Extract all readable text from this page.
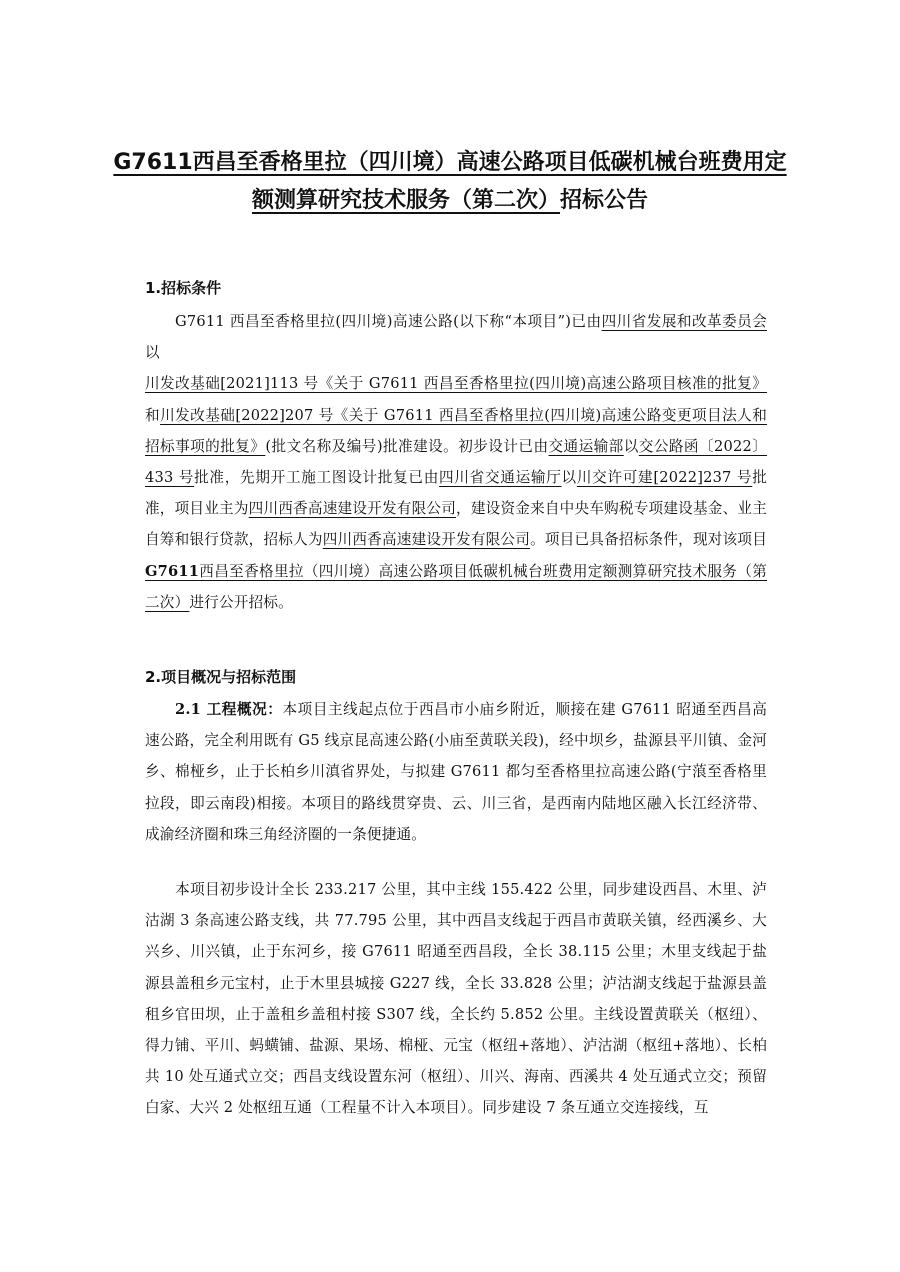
G7611西昌至香格里拉（四川境）高速公路项目低碳机械台班费用定
额测算研究技术服务（第二次）招标公告
1.招标条件
G7611 西昌至香格里拉(四川境)高速公路(以下称“本项目”)已由四川省发展和改革委员会以川发改基础[2021]113 号《关于 G7611 西昌至香格里拉(四川境)高速公路项目核准的批复》和川发改基础[2022]207 号《关于 G7611 西昌至香格里拉(四川境)高速公路变更项目法人和招标事项的批复》(批文名称及编号)批准建设。初步设计已由交通运输部以交公路函〔2022〕433 号批准，先期开工施工图设计批复已由四川省交通运输厅以川交许可建[2022]237 号批准，项目业主为四川西香高速建设开发有限公司，建设资金来自中央车购税专项建设基金、业主自筹和银行贷款，招标人为四川西香高速建设开发有限公司。项目已具备招标条件，现对该项目G7611西昌至香格里拉（四川境）高速公路项目低碳机械台班费用定额测算研究技术服务（第二次）进行公开招标。
2.项目概况与招标范围
2.1 工程概况：本项目主线起点位于西昌市小庙乡附近，顺接在建 G7611 昭通至西昌高速公路，完全利用既有 G5 线京昆高速公路(小庙至黄联关段)，经中坝乡，盐源县平川镇、金河乡、棉桠乡，止于长柏乡川滇省界处，与拟建 G7611 都匀至香格里拉高速公路(宁蒗至香格里拉段，即云南段)相接。本项目的路线贯穿贵、云、川三省，是西南内陆地区融入长江经济带、成渝经济圈和珠三角经济圈的一条便捷通。
本项目初步设计全长 233.217 公里，其中主线 155.422 公里，同步建设西昌、木里、泸沽湖 3 条高速公路支线，共 77.795 公里，其中西昌支线起于西昌市黄联关镇，经西溪乡、大兴乡、川兴镇，止于东河乡，接 G7611 昭通至西昌段，全长 38.115 公里；木里支线起于盐源县盖租乡元宝村，止于木里县城接 G227 线，全长 33.828 公里；泸沽湖支线起于盐源县盖租乡官田坝，止于盖租乡盖租村接 S307 线，全长约 5.852 公里。主线设置黄联关（枢纽）、得力铺、平川、蚂蟥铺、盐源、果场、棉桠、元宝（枢纽+落地）、泸沽湖（枢纽+落地）、长柏共 10 处互通式立交；西昌支线设置东河（枢纽）、川兴、海南、西溪共 4 处互通式立交；预留白家、大兴 2 处枢纽互通（工程量不计入本项目）。同步建设 7 条互通立交连接线，互
